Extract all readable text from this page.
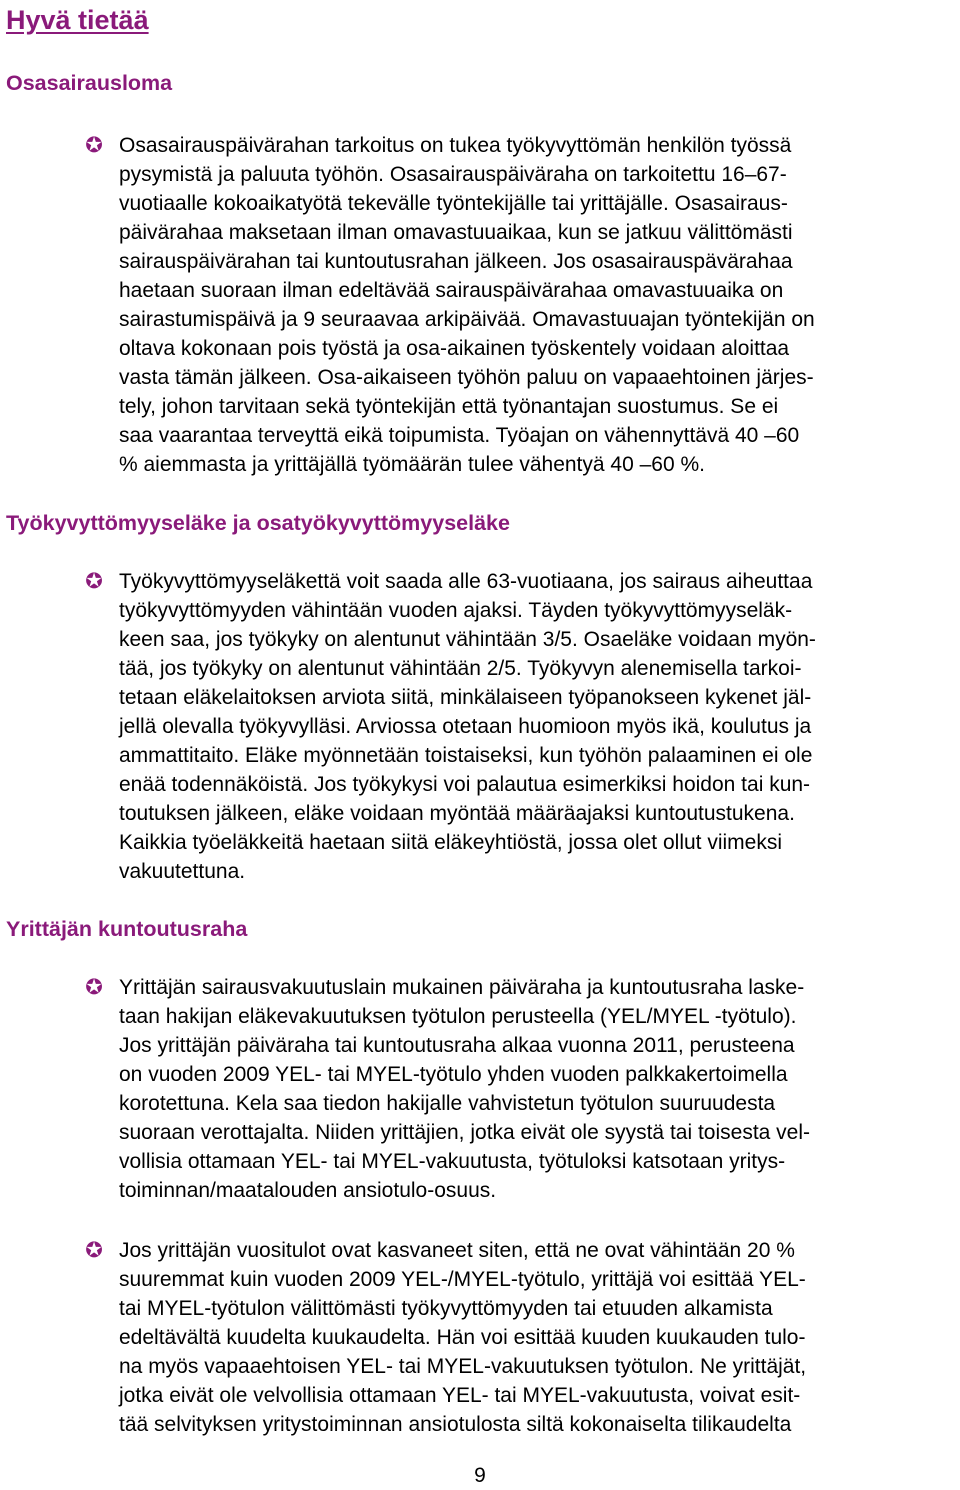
Hyvä tietää
Osasairausloma
✪ Osasairauspäivärahan tarkoitus on tukea työkyvyttömän henkilön työssä
pysymistä ja paluuta työhön. Osasairauspäiväraha on tarkoitettu 16–67-
vuotiaalle kokoaikatyötä tekevälle työntekijälle tai yrittäjälle. Osasairaus-
päivärahaa maksetaan ilman omavastuuaikaa, kun se jatkuu välittömästi
sairauspäivärahan tai kuntoutusrahan jälkeen. Jos osasairauspävärahaa
haetaan suoraan ilman edeltävää sairauspäivärahaa omavastuuaika on
sairastumispäivä ja 9 seuraavaa arkipäivää. Omavastuuajan työntekijän on
oltava kokonaan pois työstä ja osa-aikainen työskentely voidaan aloittaa
vasta tämän jälkeen. Osa-aikaiseen työhön paluu on vapaaehtoinen järjes-
tely, johon tarvitaan sekä työntekijän että työnantajan suostumus. Se ei
saa vaarantaa terveyttä eikä toipumista. Työajan on vähennyttävä 40 –60
% aiemmasta ja yrittäjällä työmäärän tulee vähentyä 40 –60 %.

Työkyvyttömyyseläke ja osatyökyvyttömyyseläke
✪ Työkyvyttömyyseläkettä voit saada alle 63-vuotiaana, jos sairaus aiheuttaa
työkyvyttömyyden vähintään vuoden ajaksi. Täyden työkyvyttömyyseläk-
keen saa, jos työkyky on alentunut vähintään 3/5. Osaeläke voidaan myön-
tää, jos työkyky on alentunut vähintään 2/5. Työkyvyn alenemisella tarkoi-
tetaan eläkelaitoksen arviota siitä, minkälaiseen työpanokseen kykenet jäl-
jellä olevalla työkyvylläsi. Arviossa otetaan huomioon myös ikä, koulutus ja
ammattitaito. Eläke myönnetään toistaiseksi, kun työhön palaaminen ei ole
enää todennäköistä. Jos työkykysi voi palautua esimerkiksi hoidon tai kun-
toutuksen jälkeen, eläke voidaan myöntää määräajaksi kuntoutustukena.
Kaikkia työeläkkeitä haetaan siitä eläkeyhtiöstä, jossa olet ollut viimeksi
vakuutettuna.

Yrittäjän kuntoutusraha
✪ Yrittäjän sairausvakuutuslain mukainen päiväraha ja kuntoutusraha laske-
taan hakijan eläkevakuutuksen työtulon perusteella (YEL/MYEL -työtulo).
Jos yrittäjän päiväraha tai kuntoutusraha alkaa vuonna 2011, perusteena
on vuoden 2009 YEL- tai MYEL-työtulo yhden vuoden palkkakertoimella
korotettuna. Kela saa tiedon hakijalle vahvistetun työtulon suuruudesta
suoraan verottajalta. Niiden yrittäjien, jotka eivät ole syystä tai toisesta vel-
vollisia ottamaan YEL- tai MYEL-vakuutusta, työtuloksi katsotaan yritys-
toiminnan/maatalouden ansiotulo-osuus.

✪ Jos yrittäjän vuositulot ovat kasvaneet siten, että ne ovat vähintään 20 %
suuremmat kuin vuoden 2009 YEL-/MYEL-työtulo, yrittäjä voi esittää YEL-
tai MYEL-työtulon välittömästi työkyvyttömyyden tai etuuden alkamista
edeltävältä kuudelta kuukaudelta. Hän voi esittää kuuden kuukauden tulo-
na myös vapaaehtoisen YEL- tai MYEL-vakuutuksen työtulon. Ne yrittäjät,
jotka eivät ole velvollisia ottamaan YEL- tai MYEL-vakuutusta, voivat esit-
tää selvityksen yritystoiminnan ansiotulosta siltä kokonaiselta tilikaudelta

9
